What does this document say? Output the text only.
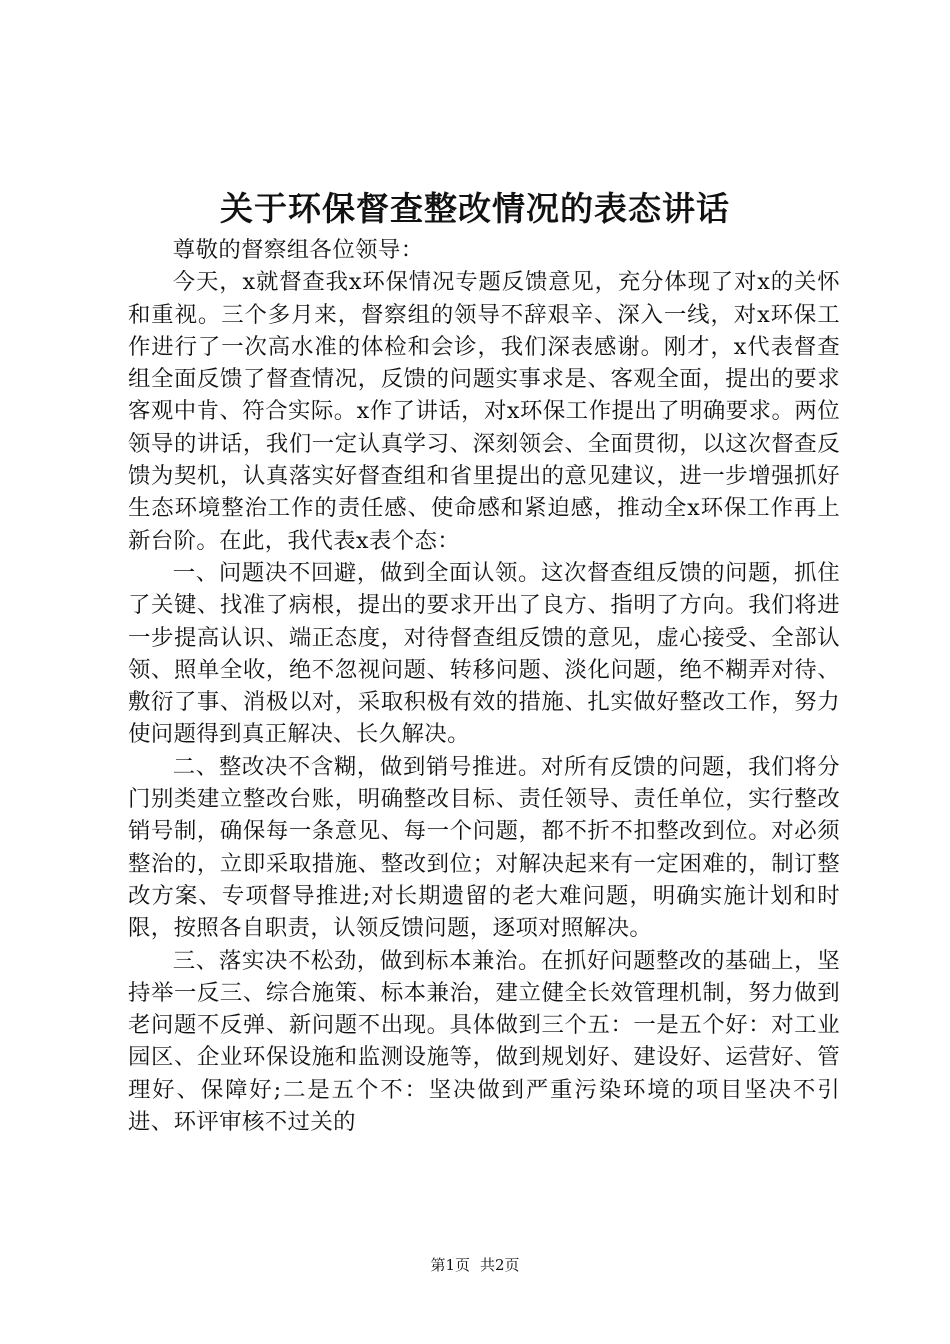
关于环保督查整改情况的表态讲话

尊敬的督察组各位领导：

今天，x就督查我x环保情况专题反馈意见，充分体现了对x的关怀和重视。三个多月来，督察组的领导不辞艰辛、深入一线，对x环保工作进行了一次高水准的体检和会诊，我们深表感谢。刚才，x代表督查组全面反馈了督查情况，反馈的问题实事求是、客观全面，提出的要求客观中肯、符合实际。x作了讲话，对x环保工作提出了明确要求。两位领导的讲话，我们一定认真学习、深刻领会、全面贯彻，以这次督查反馈为契机，认真落实好督查组和省里提出的意见建议，进一步增强抓好生态环境整治工作的责任感、使命感和紧迫感，推动全x环保工作再上新台阶。在此，我代表x表个态：

一、问题决不回避，做到全面认领。这次督查组反馈的问题，抓住了关键、找准了病根，提出的要求开出了良方、指明了方向。我们将进一步提高认识、端正态度，对待督查组反馈的意见，虚心接受、全部认领、照单全收，绝不忽视问题、转移问题、淡化问题，绝不糊弄对待、敷衍了事、消极以对，采取积极有效的措施、扎实做好整改工作，努力使问题得到真正解决、长久解决。

二、整改决不含糊，做到销号推进。对所有反馈的问题，我们将分门别类建立整改台账，明确整改目标、责任领导、责任单位，实行整改销号制，确保每一条意见、每一个问题，都不折不扣整改到位。对必须整治的，立即采取措施、整改到位；对解决起来有一定困难的，制订整改方案、专项督导推进;对长期遗留的老大难问题，明确实施计划和时限，按照各自职责，认领反馈问题，逐项对照解决。

三、落实决不松劲，做到标本兼治。在抓好问题整改的基础上，坚持举一反三、综合施策、标本兼治，建立健全长效管理机制，努力做到老问题不反弹、新问题不出现。具体做到三个五：一是五个好：对工业园区、企业环保设施和监测设施等，做到规划好、建设好、运营好、管理好、保障好;二是五个不：坚决做到严重污染环境的项目坚决不引进、环评审核不过关的

第1页 共2页
